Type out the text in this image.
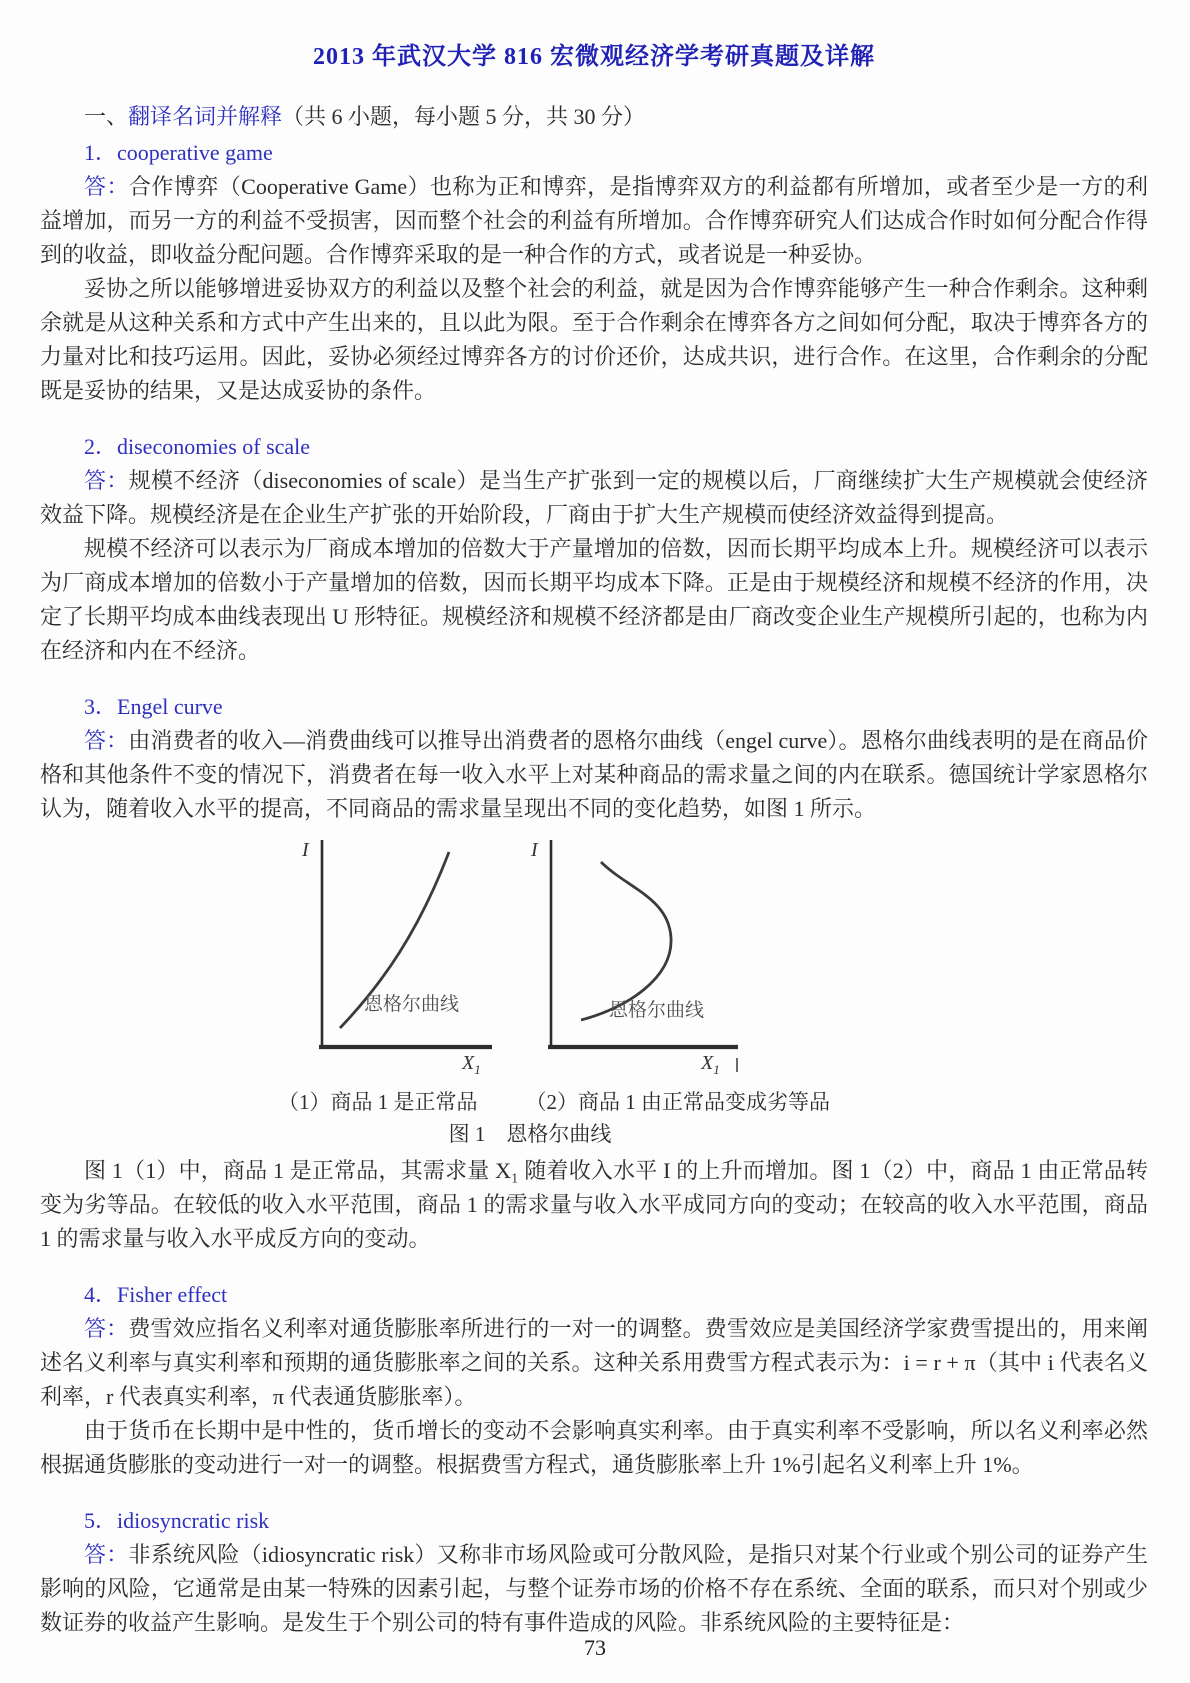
2013 年武汉大学 816 宏微观经济学考研真题及详解
一、翻译名词并解释（共 6 小题，每小题 5 分，共 30 分）
1．cooperative game

答：合作博弈（Cooperative Game）也称为正和博弈，是指博弈双方的利益都有所增加，或者至少是一方的利益增加，而另一方的利益不受损害，因而整个社会的利益有所增加。合作博弈研究人们达成合作时如何分配合作得到的收益，即收益分配问题。合作博弈采取的是一种合作的方式，或者说是一种妥协。

妥协之所以能够增进妥协双方的利益以及整个社会的利益，就是因为合作博弈能够产生一种合作剩余。这种剩余就是从这种关系和方式中产生出来的，且以此为限。至于合作剩余在博弈各方之间如何分配，取决于博弈各方的力量对比和技巧运用。因此，妥协必须经过博弈各方的讨价还价，达成共识，进行合作。在这里，合作剩余的分配既是妥协的结果，又是达成妥协的条件。

2．diseconomies of scale

答：规模不经济（diseconomies of scale）是当生产扩张到一定的规模以后，厂商继续扩大生产规模就会使经济效益下降。规模经济是在企业生产扩张的开始阶段，厂商由于扩大生产规模而使经济效益得到提高。

规模不经济可以表示为厂商成本增加的倍数大于产量增加的倍数，因而长期平均成本上升。规模经济可以表示为厂商成本增加的倍数小于产量增加的倍数，因而长期平均成本下降。正是由于规模经济和规模不经济的作用，决定了长期平均成本曲线表现出 U 形特征。规模经济和规模不经济都是由厂商改变企业生产规模所引起的，也称为内在经济和内在不经济。

3．Engel curve

答：由消费者的收入—消费曲线可以推导出消费者的恩格尔曲线（engel curve）。恩格尔曲线表明的是在商品价格和其他条件不变的情况下，消费者在每一收入水平上对某种商品的需求量之间的内在联系。德国统计学家恩格尔认为，随着收入水平的提高，不同商品的需求量呈现出不同的变化趋势，如图 1 所示。

I
$X_1$
恩格尔曲线
I
$X_1$
恩格尔曲线
（1）商品 1 是正常品 （2）商品 1 由正常品变成劣等品
图 1　恩格尔曲线

图 1（1）中，商品 1 是正常品，其需求量 X₁ 随着收入水平 I 的上升而增加。图 1（2）中，商品 1 由正常品转变为劣等品。在较低的收入水平范围，商品 1 的需求量与收入水平成同方向的变动；在较高的收入水平范围，商品 1 的需求量与收入水平成反方向的变动。

4．Fisher effect

答：费雪效应指名义利率对通货膨胀率所进行的一对一的调整。费雪效应是美国经济学家费雪提出的，用来阐述名义利率与真实利率和预期的通货膨胀率之间的关系。这种关系用费雪方程式表示为：i = r + π（其中 i 代表名义利率，r 代表真实利率，π 代表通货膨胀率）。

由于货币在长期中是中性的，货币增长的变动不会影响真实利率。由于真实利率不受影响，所以名义利率必然根据通货膨胀的变动进行一对一的调整。根据费雪方程式，通货膨胀率上升 1%引起名义利率上升 1%。

5．idiosyncratic risk

答：非系统风险（idiosyncratic risk）又称非市场风险或可分散风险，是指只对某个行业或个别公司的证券产生影响的风险，它通常是由某一特殊的因素引起，与整个证券市场的价格不存在系统、全面的联系，而只对个别或少数证券的收益产生影响。是发生于个别公司的特有事件造成的风险。非系统风险的主要特征是：

73
